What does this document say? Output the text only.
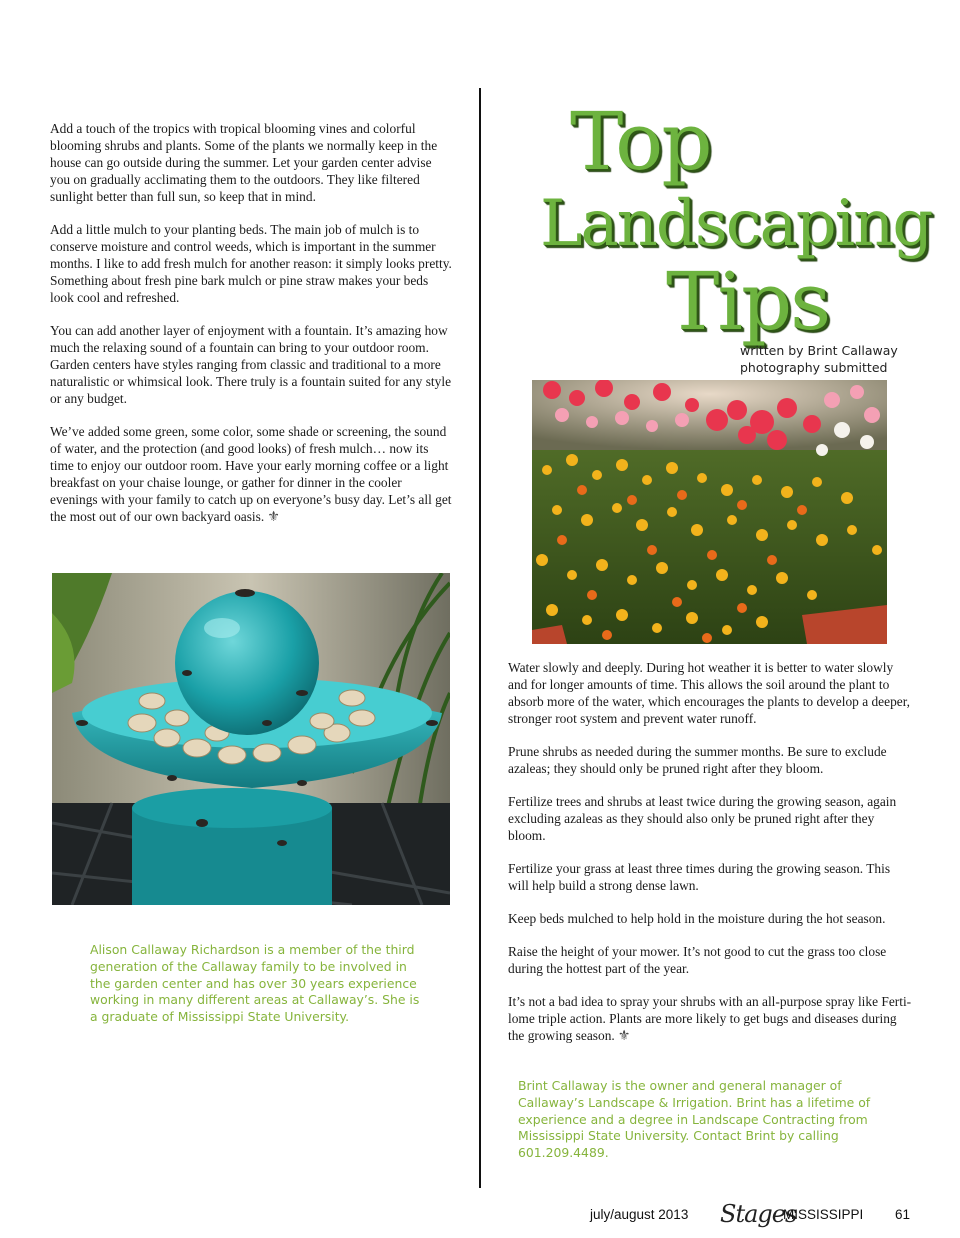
Add a touch of the tropics with tropical blooming vines and colorful blooming shrubs and plants. Some of the plants we normally keep in the house can go outside during the summer. Let your garden center advise you on gradually acclimating them to the outdoors. They like filtered sunlight better than full sun, so keep that in mind.

Add a little mulch to your planting beds. The main job of mulch is to conserve moisture and control weeds, which is important in the summer months. I like to add fresh mulch for another reason: it simply looks pretty. Something about fresh pine bark mulch or pine straw makes your beds look cool and refreshed.

You can add another layer of enjoyment with a fountain. It’s amazing how much the relaxing sound of a fountain can bring to your outdoor room. Garden centers have styles ranging from classic and traditional to a more naturalistic or whimsical look. There truly is a fountain suited for any style or any budget.

We’ve added some green, some color, some shade or screening, the sound of water, and the protection (and good looks) of fresh mulch… now its time to enjoy our outdoor room. Have your early morning coffee or a light breakfast on your chaise lounge, or gather for dinner in the cooler evenings with your family to catch up on everyone’s busy day. Let’s all get the most out of our own backyard oasis. ⚜

Top
Landscaping
Tips
written by Brint Callaway
photography submitted

Water slowly and deeply. During hot weather it is better to water slowly and for longer amounts of time. This allows the soil around the plant to absorb more of the water, which encourages the plants to develop a deeper, stronger root system and prevent water runoff.

Prune shrubs as needed during the summer months. Be sure to exclude azaleas; they should only be pruned right after they bloom.

Fertilize trees and shrubs at least twice during the growing season, again excluding azaleas as they should also only be pruned right after they bloom.

Fertilize your grass at least three times during the growing season. This will help build a strong dense lawn.

Keep beds mulched to help hold in the moisture during the hot season.

Raise the height of your mower. It’s not good to cut the grass too close during the hottest part of the year.

It’s not a bad idea to spray your shrubs with an all-purpose spray like Ferti-lome triple action. Plants are more likely to get bugs and diseases during the growing season. ⚜

Alison Callaway Richardson is a member of the third generation of the Callaway family to be involved in the garden center and has over 30 years experience working in many different areas at Callaway’s. She is a graduate of Mississippi State University.
Brint Callaway is the owner and general manager of Callaway’s Landscape & Irrigation. Brint has a lifetime of experience and a degree in Landscape Contracting from Mississippi State University. Contact Brint by calling 601.209.4489.
july/august 2013 Stages
MISSISSIPPI 61
